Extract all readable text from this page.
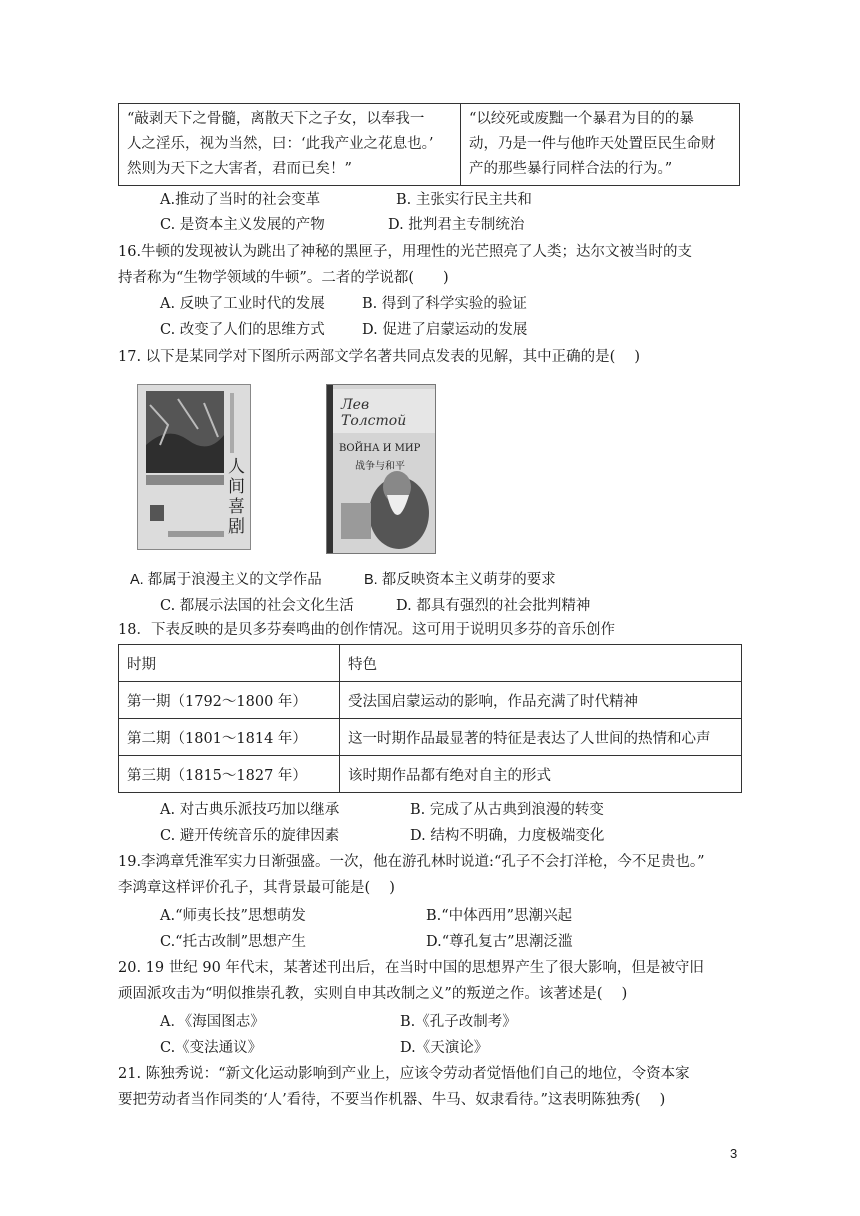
“敲剥天下之骨髓，离散天下之子女，以奉我一
人之淫乐，视为当然，曰：‘此我产业之花息也。’
然则为天下之大害者，君而已矣！”

“以绞死或废黜一个暴君为目的的暴
动，乃是一件与他昨天处置臣民生命财
产的那些暴行同样合法的行为。”
A.推动了当时的社会变革	B. 主张实行民主共和
C. 是资本主义发展的产物	D. 批判君主专制统治
16.牛顿的发现被认为跳出了神秘的黑匣子，用理性的光芒照亮了人类；达尔文被当时的支
持者称为“生物学领域的牛顿”。二者的学说都(　　)
A. 反映了工业时代的发展	B. 得到了科学实验的验证
C. 改变了人们的思维方式	D. 促进了启蒙运动的发展
17. 以下是某同学对下图所示两部文学名著共同点发表的见解，其中正确的是(　 )
人间喜剧
Лев Толстой
ВОЙНА И МИР
战争与和平
A. 都属于浪漫主义的文学作品	B. 都反映资本主义萌芽的要求
C. 都展示法国的社会文化生活	D. 都具有强烈的社会批判精神
18．下表反映的是贝多芬奏鸣曲的创作情况。这可用于说明贝多芬的音乐创作
时期	特色
第一期（1792～1800 年）	受法国启蒙运动的影响，作品充满了时代精神
第二期（1801～1814 年）	这一时期作品最显著的特征是表达了人世间的热情和心声
第三期（1815～1827 年）	该时期作品都有绝对自主的形式
A. 对古典乐派技巧加以继承	B. 完成了从古典到浪漫的转变
C. 避开传统音乐的旋律因素	D. 结构不明确，力度极端变化
19.李鸿章凭淮军实力日渐强盛。一次，他在游孔林时说道:“孔子不会打洋枪，今不足贵也。”
李鸿章这样评价孔子，其背景最可能是(　 )
A.“师夷长技”思想萌发	B.“中体西用”思潮兴起
C.“托古改制”思想产生	D.“尊孔复古”思潮泛滥
20. 19 世纪 90 年代末，某著述刊出后，在当时中国的思想界产生了很大影响，但是被守旧
顽固派攻击为“明似推崇孔教，实则自申其改制之义”的叛逆之作。该著述是(　 )
A．《海国图志》	B.《孔子改制考》
C.《变法通议》	D.《天演论》
21. 陈独秀说：“新文化运动影响到产业上，应该令劳动者觉悟他们自己的地位，令资本家
要把劳动者当作同类的‘人’看待，不要当作机器、牛马、奴隶看待。”这表明陈独秀(　 )
3
